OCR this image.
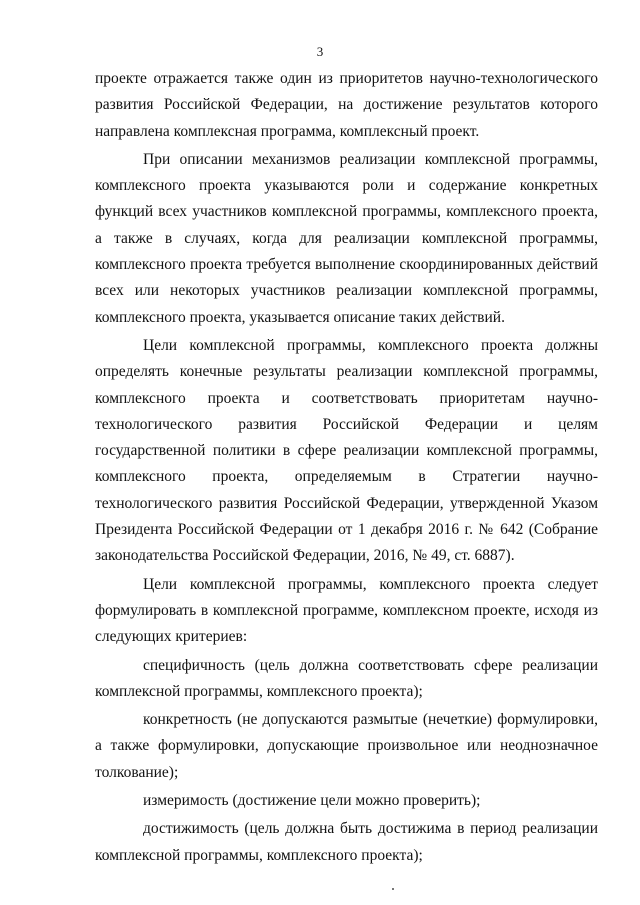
3

проекте отражается также один из приоритетов научно-технологического развития Российской Федерации, на достижение результатов которого направлена комплексная программа, комплексный проект.

При описании механизмов реализации комплексной программы, комплексного проекта указываются роли и содержание конкретных функций всех участников комплексной программы, комплексного проекта, а также в случаях, когда для реализации комплексной программы, комплексного проекта требуется выполнение скоординированных действий всех или некоторых участников реализации комплексной программы, комплексного проекта, указывается описание таких действий.

Цели комплексной программы, комплексного проекта должны определять конечные результаты реализации комплексной программы, комплексного проекта и соответствовать приоритетам научно-технологического развития Российской Федерации и целям государственной политики в сфере реализации комплексной программы, комплексного проекта, определяемым в Стратегии научно-технологического развития Российской Федерации, утвержденной Указом Президента Российской Федерации от 1 декабря 2016 г. № 642 (Собрание законодательства Российской Федерации, 2016, № 49, ст. 6887).

Цели комплексной программы, комплексного проекта следует формулировать в комплексной программе, комплексном проекте, исходя из следующих критериев:

специфичность (цель должна соответствовать сфере реализации комплексной программы, комплексного проекта);

конкретность (не допускаются размытые (нечеткие) формулировки, а также формулировки, допускающие произвольное или неоднозначное толкование);

измеримость (достижение цели можно проверить);

достижимость (цель должна быть достижима в период реализации комплексной программы, комплексного проекта);
